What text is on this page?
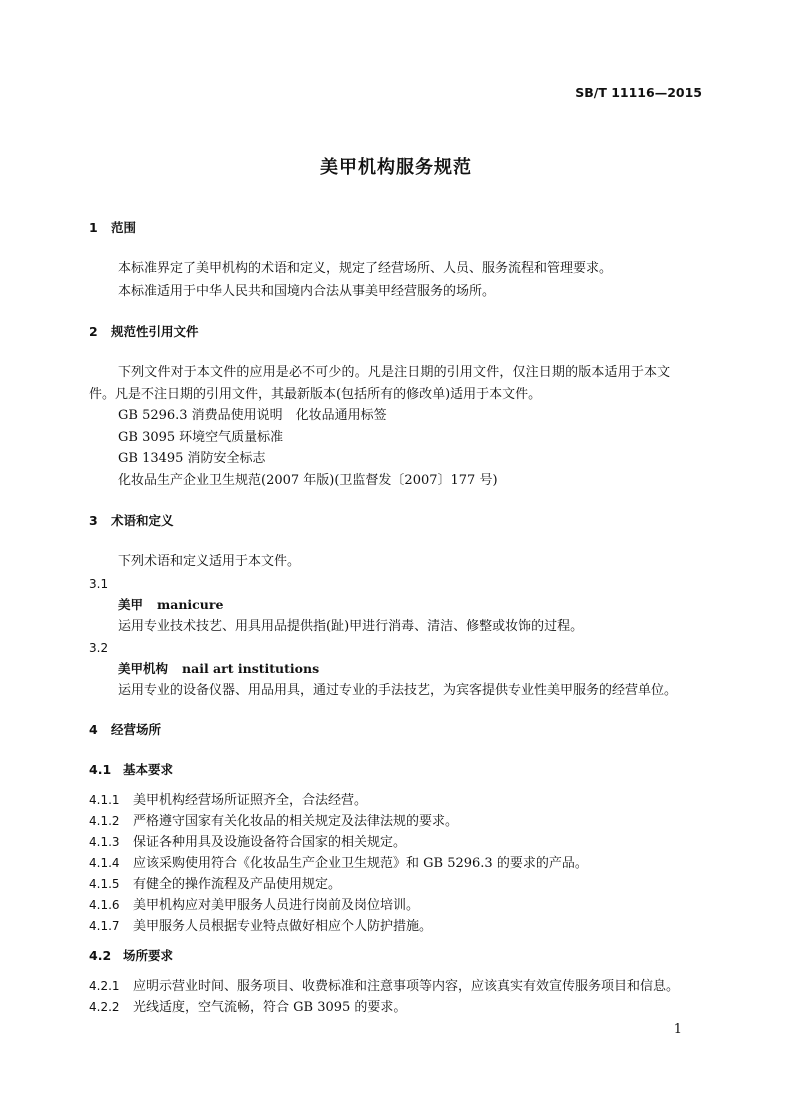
SB/T 11116—2015
美甲机构服务规范
1 范围
本标准界定了美甲机构的术语和定义，规定了经营场所、人员、服务流程和管理要求。
本标准适用于中华人民共和国境内合法从事美甲经营服务的场所。
2 规范性引用文件
下列文件对于本文件的应用是必不可少的。凡是注日期的引用文件，仅注日期的版本适用于本文
件。凡是不注日期的引用文件，其最新版本(包括所有的修改单)适用于本文件。
GB 5296.3 消费品使用说明　化妆品通用标签
GB 3095 环境空气质量标准
GB 13495 消防安全标志
化妆品生产企业卫生规范(2007 年版)(卫监督发〔2007〕177 号)
3 术语和定义
下列术语和定义适用于本文件。
3.1
美甲 manicure
运用专业技术技艺、用具用品提供指(趾)甲进行消毒、清洁、修整或妆饰的过程。
3.2
美甲机构 nail art institutions
运用专业的设备仪器、用品用具，通过专业的手法技艺，为宾客提供专业性美甲服务的经营单位。
4 经营场所
4.1 基本要求
4.1.1 美甲机构经营场所证照齐全，合法经营。
4.1.2 严格遵守国家有关化妆品的相关规定及法律法规的要求。
4.1.3 保证各种用具及设施设备符合国家的相关规定。
4.1.4 应该采购使用符合《化妆品生产企业卫生规范》和 GB 5296.3 的要求的产品。
4.1.5 有健全的操作流程及产品使用规定。
4.1.6 美甲机构应对美甲服务人员进行岗前及岗位培训。
4.1.7 美甲服务人员根据专业特点做好相应个人防护措施。
4.2 场所要求
4.2.1 应明示营业时间、服务项目、收费标准和注意事项等内容，应该真实有效宣传服务项目和信息。
4.2.2 光线适度，空气流畅，符合 GB 3095 的要求。
1
